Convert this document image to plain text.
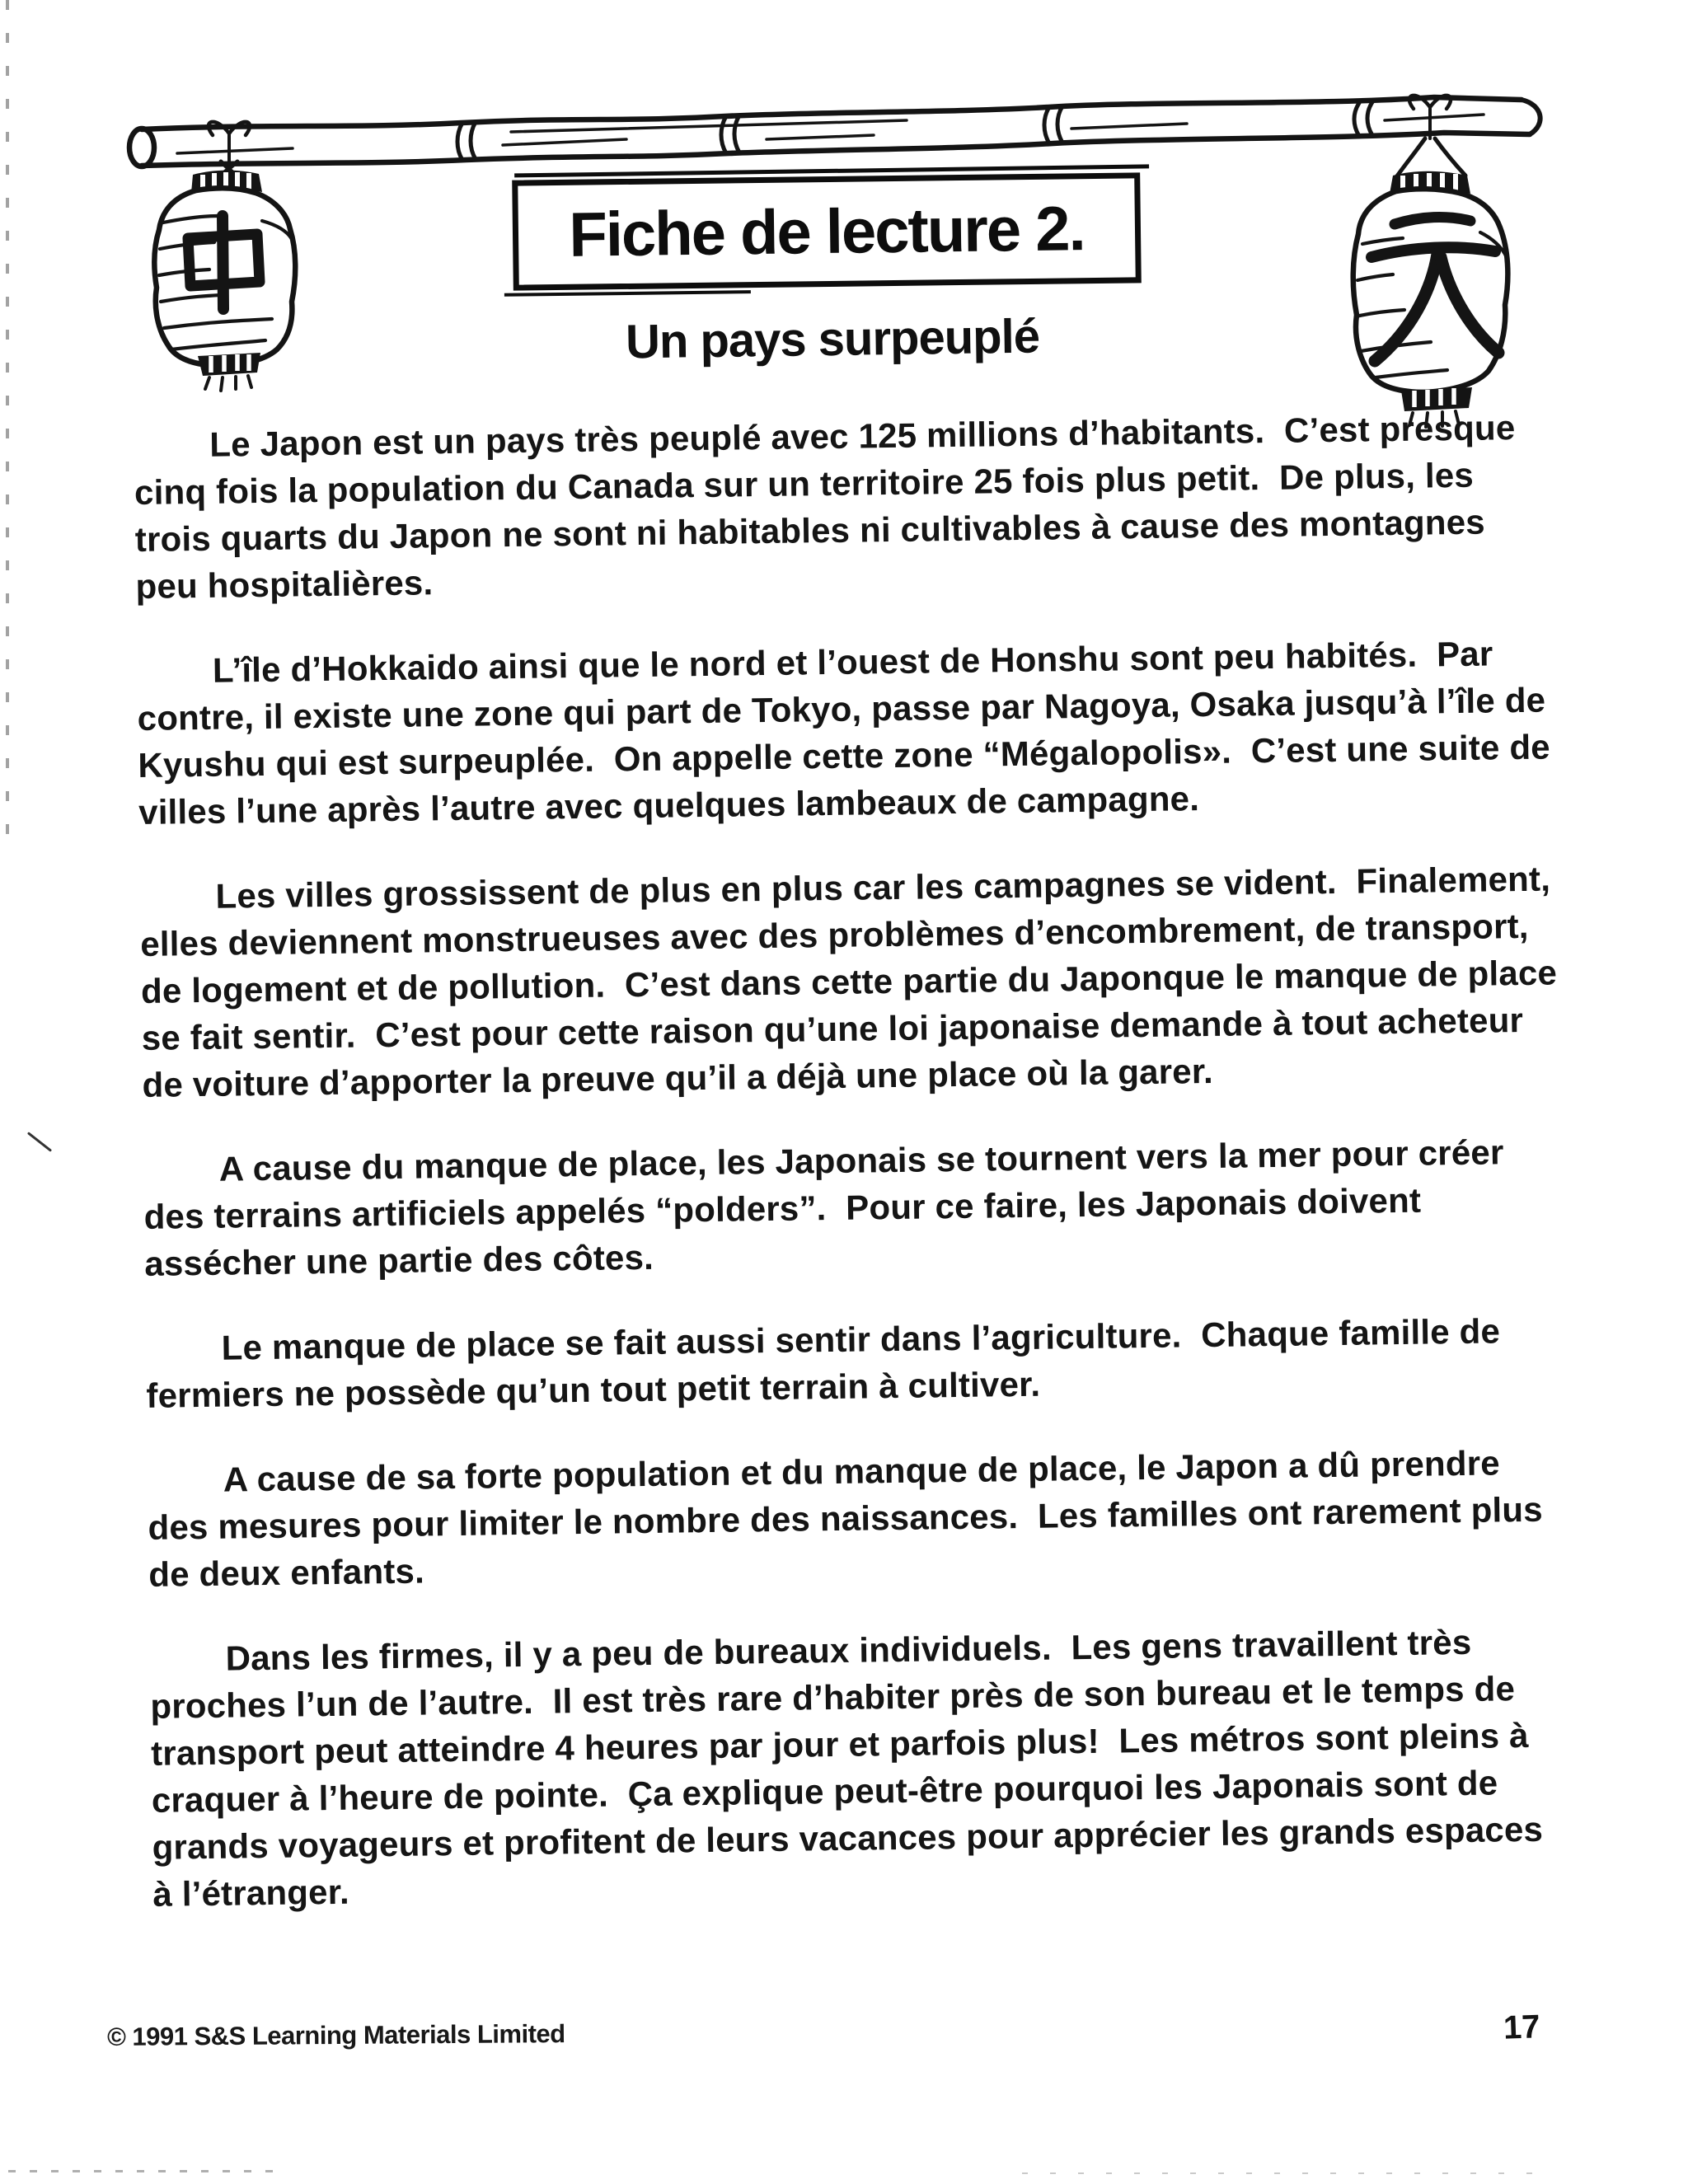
Fiche de lecture 2.
Un pays surpeuplé

Le Japon est un pays très peuplé avec 125 millions d’habitants.  C’est presque cinq fois la population du Canada sur un territoire 25 fois plus petit.  De plus, les trois quarts du Japon ne sont ni habitables ni cultivables à cause des montagnes peu hospitalières.

L’île d’Hokkaido ainsi que le nord et l’ouest de Honshu sont peu habités.  Par contre, il existe une zone qui part de Tokyo, passe par Nagoya, Osaka jusqu’à l’île de Kyushu qui est surpeuplée.  On appelle cette zone “Mégalopolis».  C’est une suite de villes l’une après l’autre avec quelques lambeaux de campagne.

Les villes grossissent de plus en plus car les campagnes se vident.  Finalement, elles deviennent monstrueuses avec des problèmes d’encombrement, de transport, de logement et de pollution.  C’est dans cette partie du Japonque le manque de place se fait sentir.  C’est pour cette raison qu’une loi japonaise demande à tout acheteur de voiture d’apporter la preuve qu’il a déjà une place où la garer.

A cause du manque de place, les Japonais se tournent vers la mer pour créer des terrains artificiels appelés “polders”.  Pour ce faire, les Japonais doivent assécher une partie des côtes.

Le manque de place se fait aussi sentir dans l’agriculture.  Chaque famille de fermiers ne possède qu’un tout petit terrain à cultiver.

A cause de sa forte population et du manque de place, le Japon a dû prendre des mesures pour limiter le nombre des naissances.  Les familles ont rarement plus de deux enfants.

Dans les firmes, il y a peu de bureaux individuels.  Les gens travaillent très proches l’un de l’autre.  Il est très rare d’habiter près de son bureau et le temps de transport peut atteindre 4 heures par jour et parfois plus!  Les métros sont pleins à craquer à l’heure de pointe.  Ça explique peut-être pourquoi les Japonais sont de grands voyageurs et profitent de leurs vacances pour apprécier les grands espaces à l’étranger.

© 1991 S&S Learning Materials Limited	17
